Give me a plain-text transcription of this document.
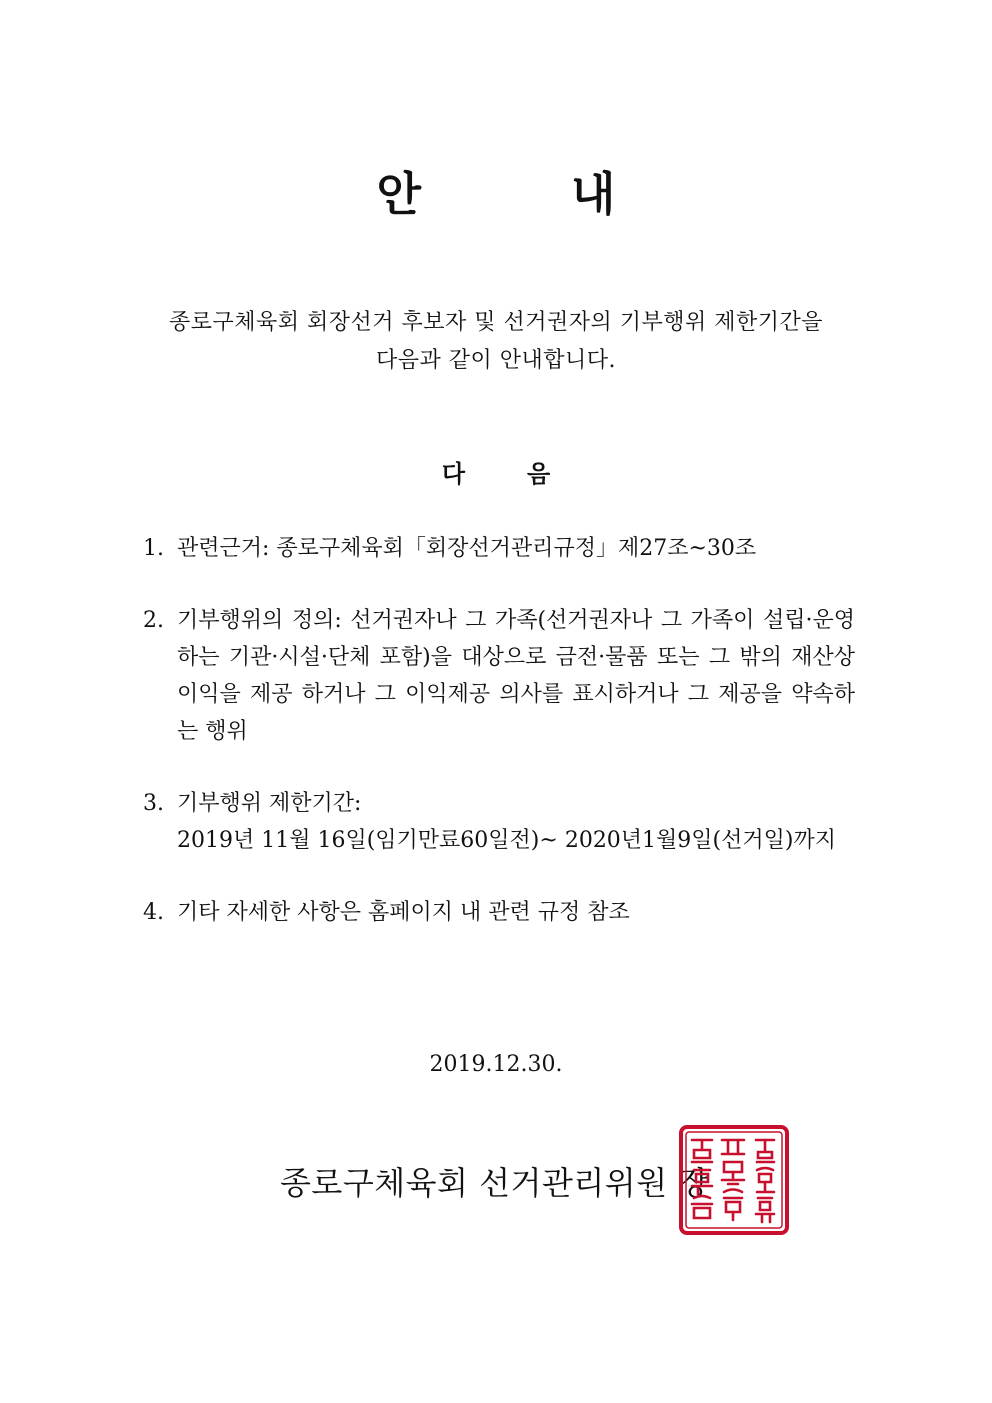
안	내
종로구체육회 회장선거 후보자 및 선거권자의 기부행위 제한기간을
다음과 같이 안내합니다.
다	음
1. 관련근거: 종로구체육회「회장선거관리규정」제27조~30조
2. 기부행위의 정의: 선거권자나 그 가족(선거권자나 그 가족이 설립·운영하는 기관·시설·단체 포함)을 대상으로 금전·물품 또는 그 밖의 재산상 이익을 제공 하거나 그 이익제공 의사를 표시하거나 그 제공을 약속하는 행위
3. 기부행위 제한기간:
2019년 11월 16일(임기만료60일전)~ 2020년1월9일(선거일)까지
4. 기타 자세한 사항은 홈페이지 내 관련 규정 참조
2019.12.30.
종로구체육회 선거관리위원 장
